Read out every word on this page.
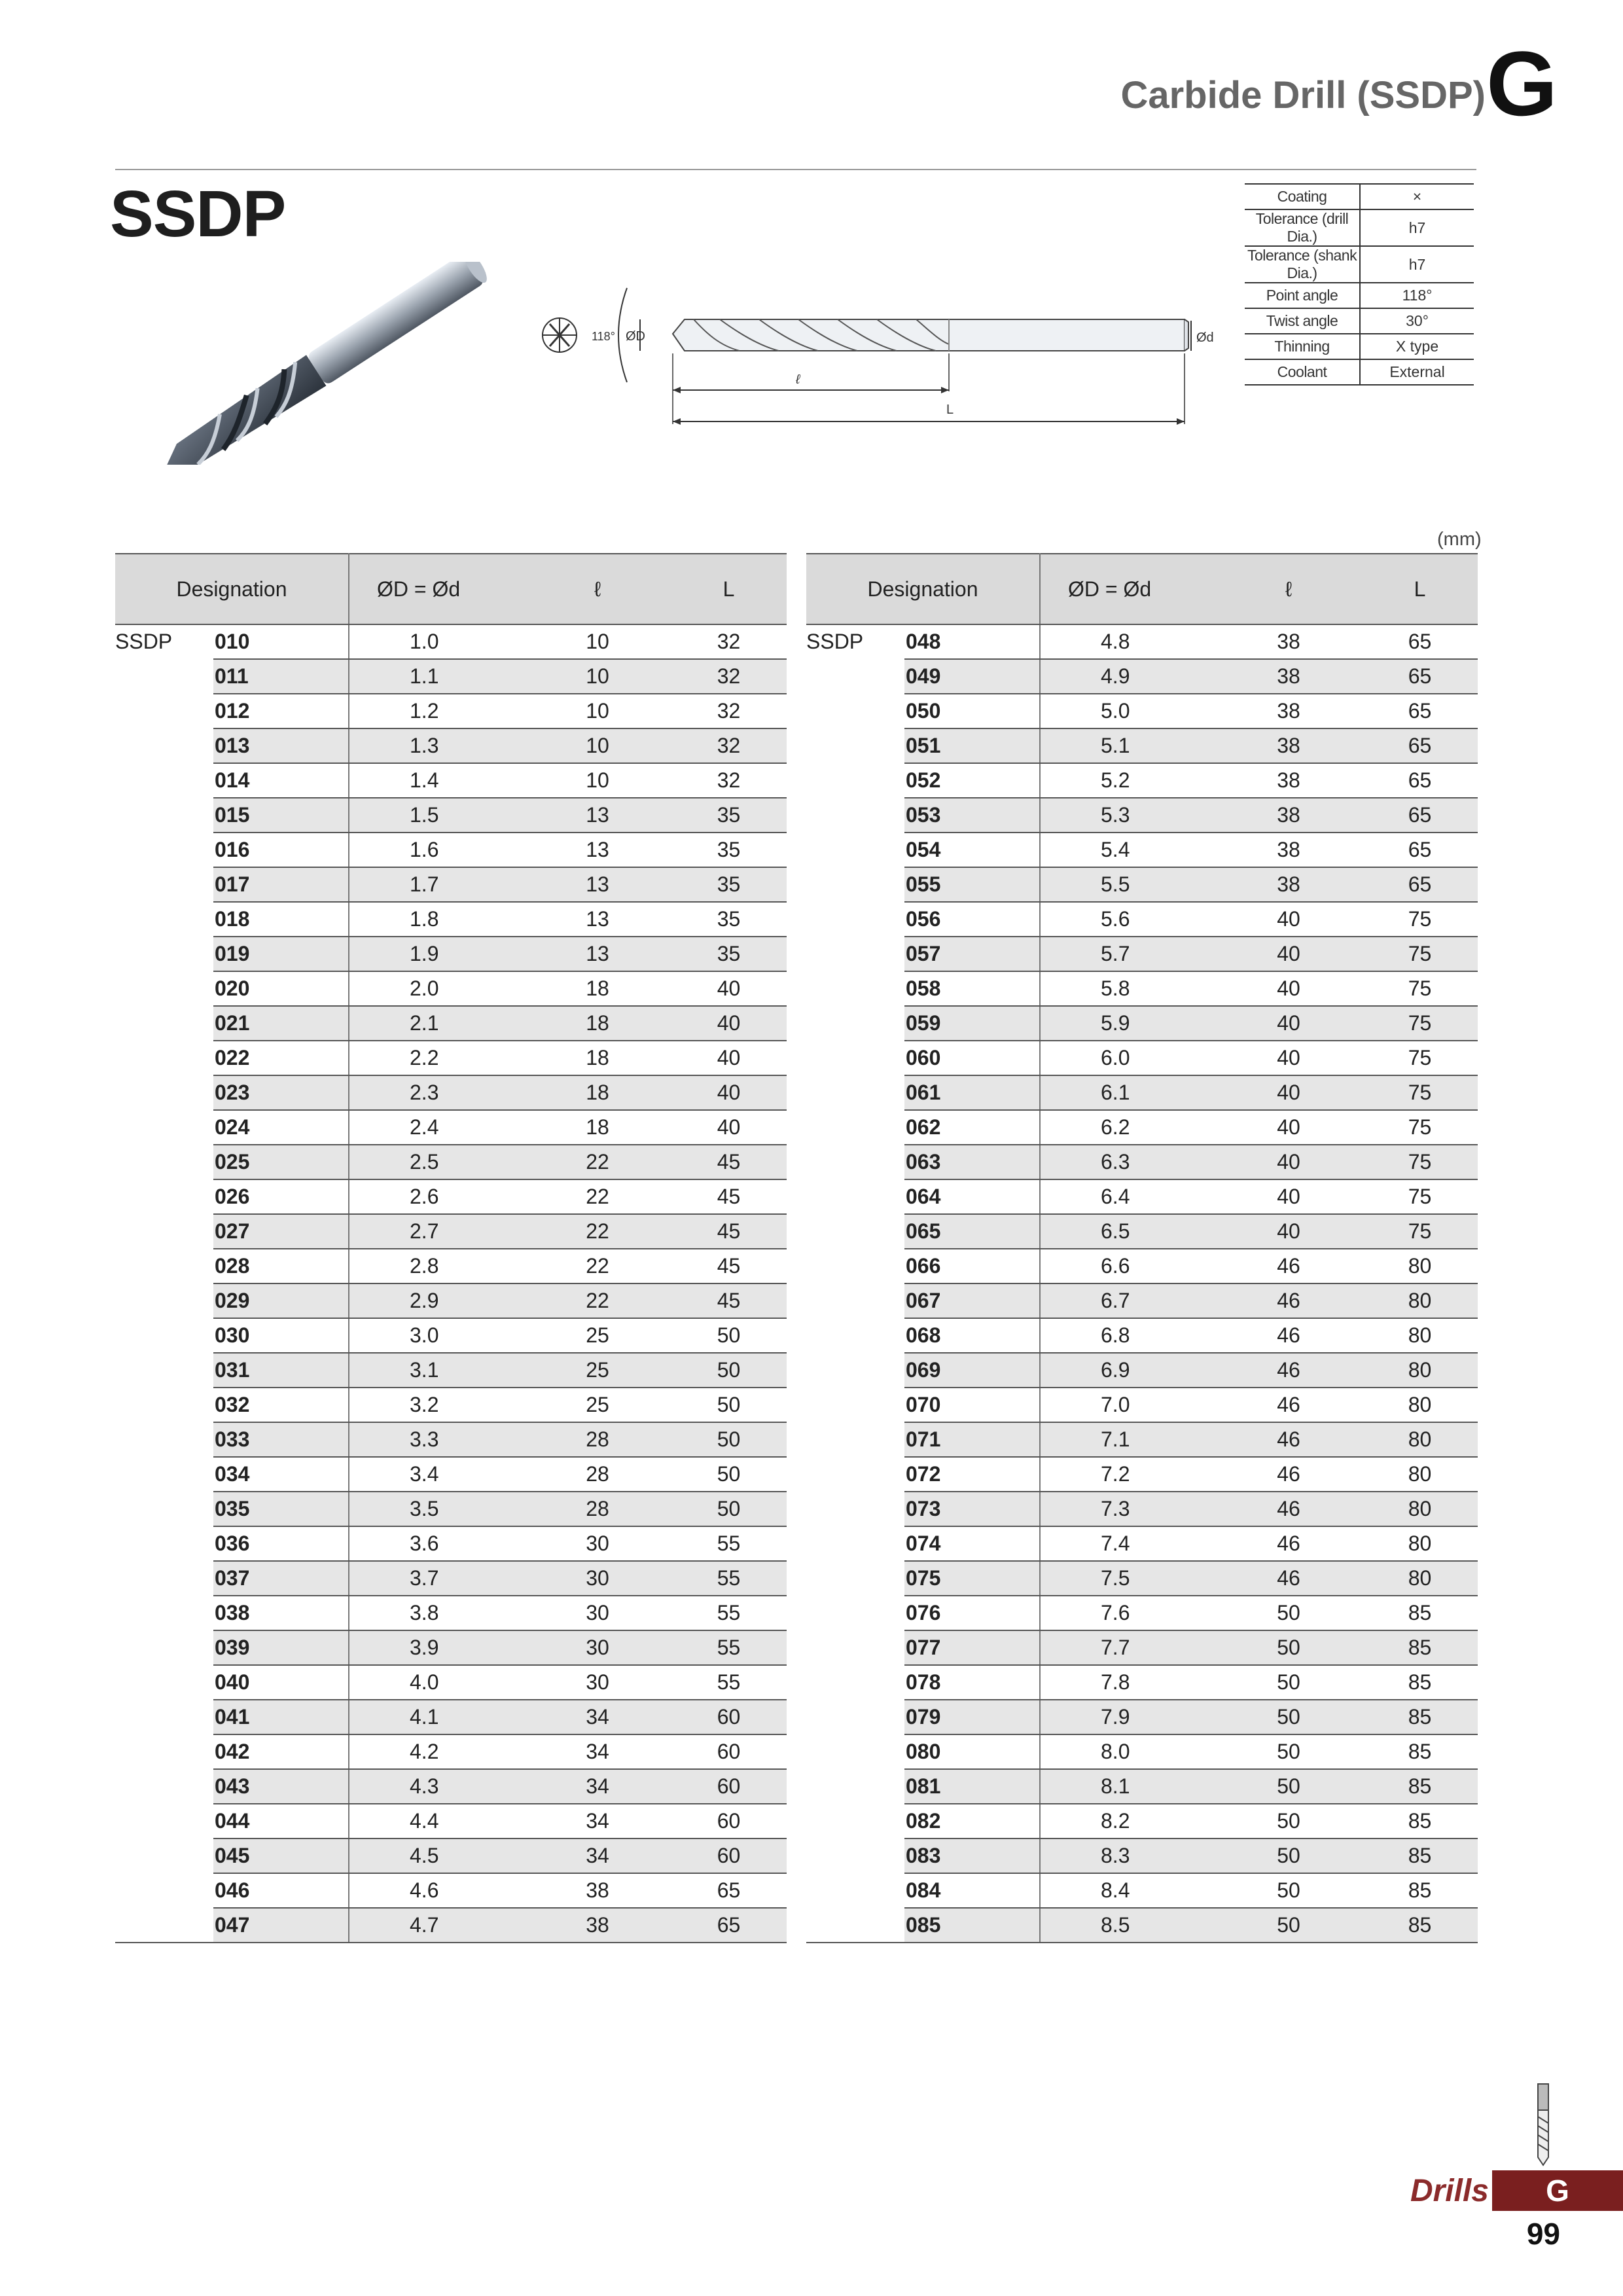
Carbide Drill (SSDP) G
SSDP	Coating	×
Tolerance (drill Dia.)	h7
Tolerance (shank Dia.)	h7
Point angle	118°
Twist angle	30°
Thinning	X type
Coolant	External
118° ØD	Ød
ℓ
L
(mm)
Designation		ØD = Ød	ℓ	L
SSDP	010	1.0	10	32
	011	1.1	10	32
	012	1.2	10	32
	013	1.3	10	32
	014	1.4	10	32
	015	1.5	13	35
	016	1.6	13	35
	017	1.7	13	35
	018	1.8	13	35
	019	1.9	13	35
	020	2.0	18	40
	021	2.1	18	40
	022	2.2	18	40
	023	2.3	18	40
	024	2.4	18	40
	025	2.5	22	45
	026	2.6	22	45
	027	2.7	22	45
	028	2.8	22	45
	029	2.9	22	45
	030	3.0	25	50
	031	3.1	25	50
	032	3.2	25	50
	033	3.3	28	50
	034	3.4	28	50
	035	3.5	28	50
	036	3.6	30	55
	037	3.7	30	55
	038	3.8	30	55
	039	3.9	30	55
	040	4.0	30	55
	041	4.1	34	60
	042	4.2	34	60
	043	4.3	34	60
	044	4.4	34	60
	045	4.5	34	60
	046	4.6	38	65
	047	4.7	38	65
Designation		ØD = Ød	ℓ	L
SSDP	048	4.8	38	65
	049	4.9	38	65
	050	5.0	38	65
	051	5.1	38	65
	052	5.2	38	65
	053	5.3	38	65
	054	5.4	38	65
	055	5.5	38	65
	056	5.6	40	75
	057	5.7	40	75
	058	5.8	40	75
	059	5.9	40	75
	060	6.0	40	75
	061	6.1	40	75
	062	6.2	40	75
	063	6.3	40	75
	064	6.4	40	75
	065	6.5	40	75
	066	6.6	46	80
	067	6.7	46	80
	068	6.8	46	80
	069	6.9	46	80
	070	7.0	46	80
	071	7.1	46	80
	072	7.2	46	80
	073	7.3	46	80
	074	7.4	46	80
	075	7.5	46	80
	076	7.6	50	85
	077	7.7	50	85
	078	7.8	50	85
	079	7.9	50	85
	080	8.0	50	85
	081	8.1	50	85
	082	8.2	50	85
	083	8.3	50	85
	084	8.4	50	85
	085	8.5	50	85
Drills	G
99
